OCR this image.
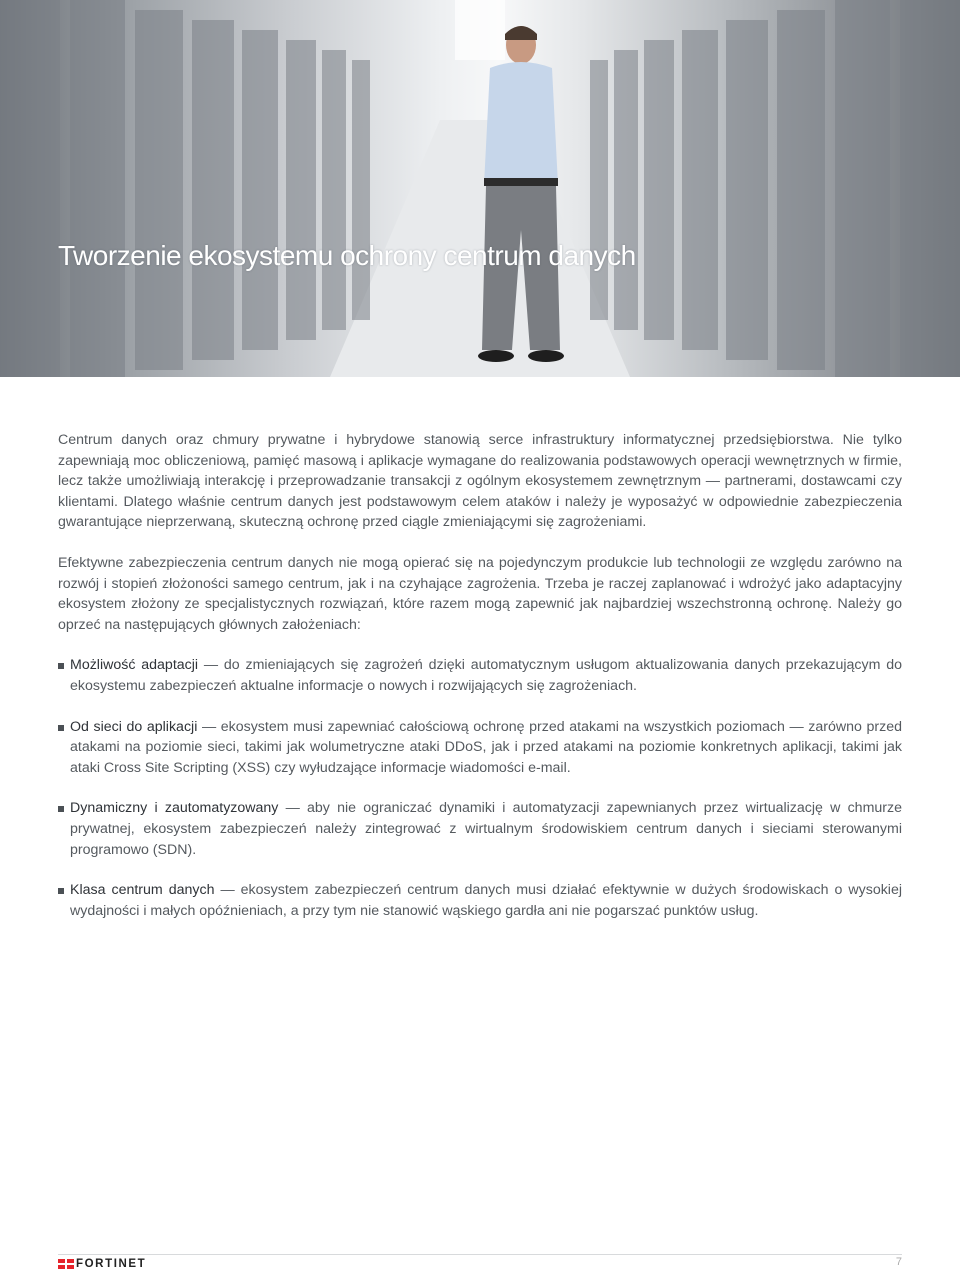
Tworzenie ekosystemu ochrony centrum danych

Centrum danych oraz chmury prywatne i hybrydowe stanowią serce infrastruktury informatycznej przedsiębiorstwa. Nie tylko zapewniają moc obliczeniową, pamięć masową i aplikacje wymagane do realizowania podstawowych operacji wewnętrznych w firmie, lecz także umożliwiają interakcję i przeprowadzanie transakcji z ogólnym ekosystemem zewnętrznym — partnerami, dostawcami czy klientami. Dlatego właśnie centrum danych jest podstawowym celem ataków i należy je wyposażyć w odpowiednie zabezpieczenia gwarantujące nieprzerwaną, skuteczną ochronę przed ciągle zmieniającymi się zagrożeniami.

Efektywne zabezpieczenia centrum danych nie mogą opierać się na pojedynczym produkcie lub technologii ze względu zarówno na rozwój i stopień złożoności samego centrum, jak i na czyhające zagrożenia. Trzeba je raczej zaplanować i wdrożyć jako adaptacyjny ekosystem złożony ze specjalistycznych rozwiązań, które razem mogą zapewnić jak najbardziej wszechstronną ochronę. Należy go oprzeć na następujących głównych założeniach:

Możliwość adaptacji — do zmieniających się zagrożeń dzięki automatycznym usługom aktualizowania danych przekazującym do ekosystemu zabezpieczeń aktualne informacje o nowych i rozwijających się zagrożeniach.
Od sieci do aplikacji — ekosystem musi zapewniać całościową ochronę przed atakami na wszystkich poziomach — zarówno przed atakami na poziomie sieci, takimi jak wolumetryczne ataki DDoS, jak i przed atakami na poziomie konkretnych aplikacji, takimi jak ataki Cross Site Scripting (XSS) czy wyłudzające informacje wiadomości e-mail.
Dynamiczny i zautomatyzowany — aby nie ograniczać dynamiki i automatyzacji zapewnianych przez wirtualizację w chmurze prywatnej, ekosystem zabezpieczeń należy zintegrować z wirtualnym środowiskiem centrum danych i sieciami sterowanymi programowo (SDN).
Klasa centrum danych — ekosystem zabezpieczeń centrum danych musi działać efektywnie w dużych środowiskach o wysokiej wydajności i małych opóźnieniach, a przy tym nie stanowić wąskiego gardła ani nie pogarszać punktów usług.
FORTINET	7
